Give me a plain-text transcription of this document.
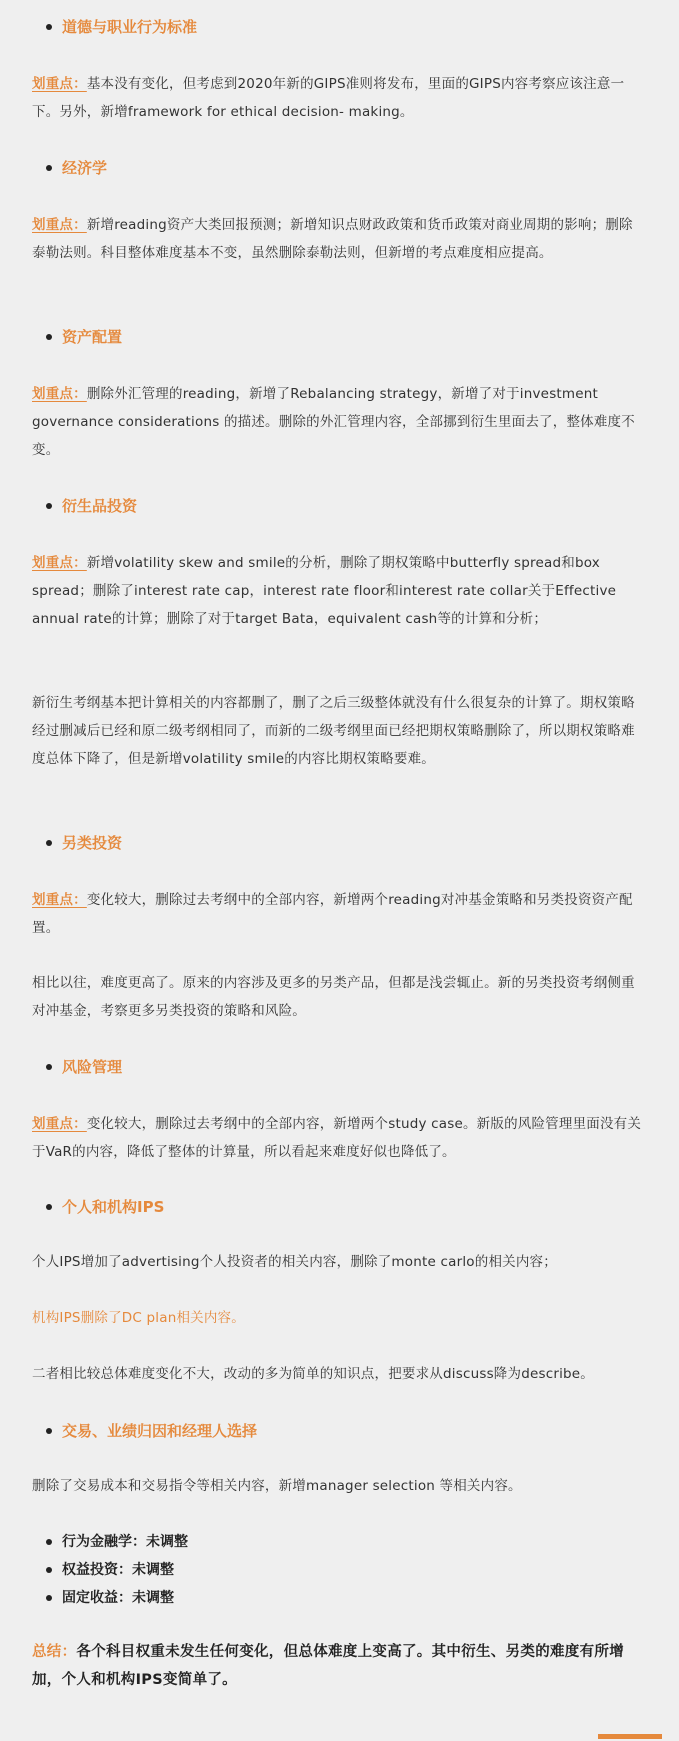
道德与职业行为标准
划重点：基本没有变化，但考虑到2020年新的GIPS准则将发布，里面的GIPS内容考察应该注意一下。另外，新增framework for ethical decision- making。
经济学
划重点：新增reading资产大类回报预测；新增知识点财政政策和货币政策对商业周期的影响；删除泰勒法则。科目整体难度基本不变，虽然删除泰勒法则，但新增的考点难度相应提高。
资产配置
划重点：删除外汇管理的reading，新增了Rebalancing strategy，新增了对于investment governance considerations 的描述。删除的外汇管理内容，全部挪到衍生里面去了，整体难度不变。
衍生品投资
划重点：新增volatility skew and smile的分析，删除了期权策略中butterfly spread和box spread；删除了interest rate cap，interest rate floor和interest rate collar关于Effective annual rate的计算；删除了对于target Bata，equivalent cash等的计算和分析；
新衍生考纲基本把计算相关的内容都删了，删了之后三级整体就没有什么很复杂的计算了。期权策略经过删减后已经和原二级考纲相同了，而新的二级考纲里面已经把期权策略删除了，所以期权策略难度总体下降了，但是新增volatility smile的内容比期权策略要难。
另类投资
划重点：变化较大，删除过去考纲中的全部内容，新增两个reading对冲基金策略和另类投资资产配置。
相比以往，难度更高了。原来的内容涉及更多的另类产品，但都是浅尝辄止。新的另类投资考纲侧重对冲基金，考察更多另类投资的策略和风险。
风险管理
划重点：变化较大，删除过去考纲中的全部内容，新增两个study case。新版的风险管理里面没有关于VaR的内容，降低了整体的计算量，所以看起来难度好似也降低了。
个人和机构IPS
个人IPS增加了advertising个人投资者的相关内容，删除了monte carlo的相关内容；
机构IPS删除了DC plan相关内容。
二者相比较总体难度变化不大，改动的多为简单的知识点，把要求从discuss降为describe。
交易、业绩归因和经理人选择
删除了交易成本和交易指令等相关内容，新增manager selection 等相关内容。
行为金融学：未调整
权益投资：未调整
固定收益：未调整
总结：各个科目权重未发生任何变化，但总体难度上变高了。其中衍生、另类的难度有所增加，个人和机构IPS变简单了。
